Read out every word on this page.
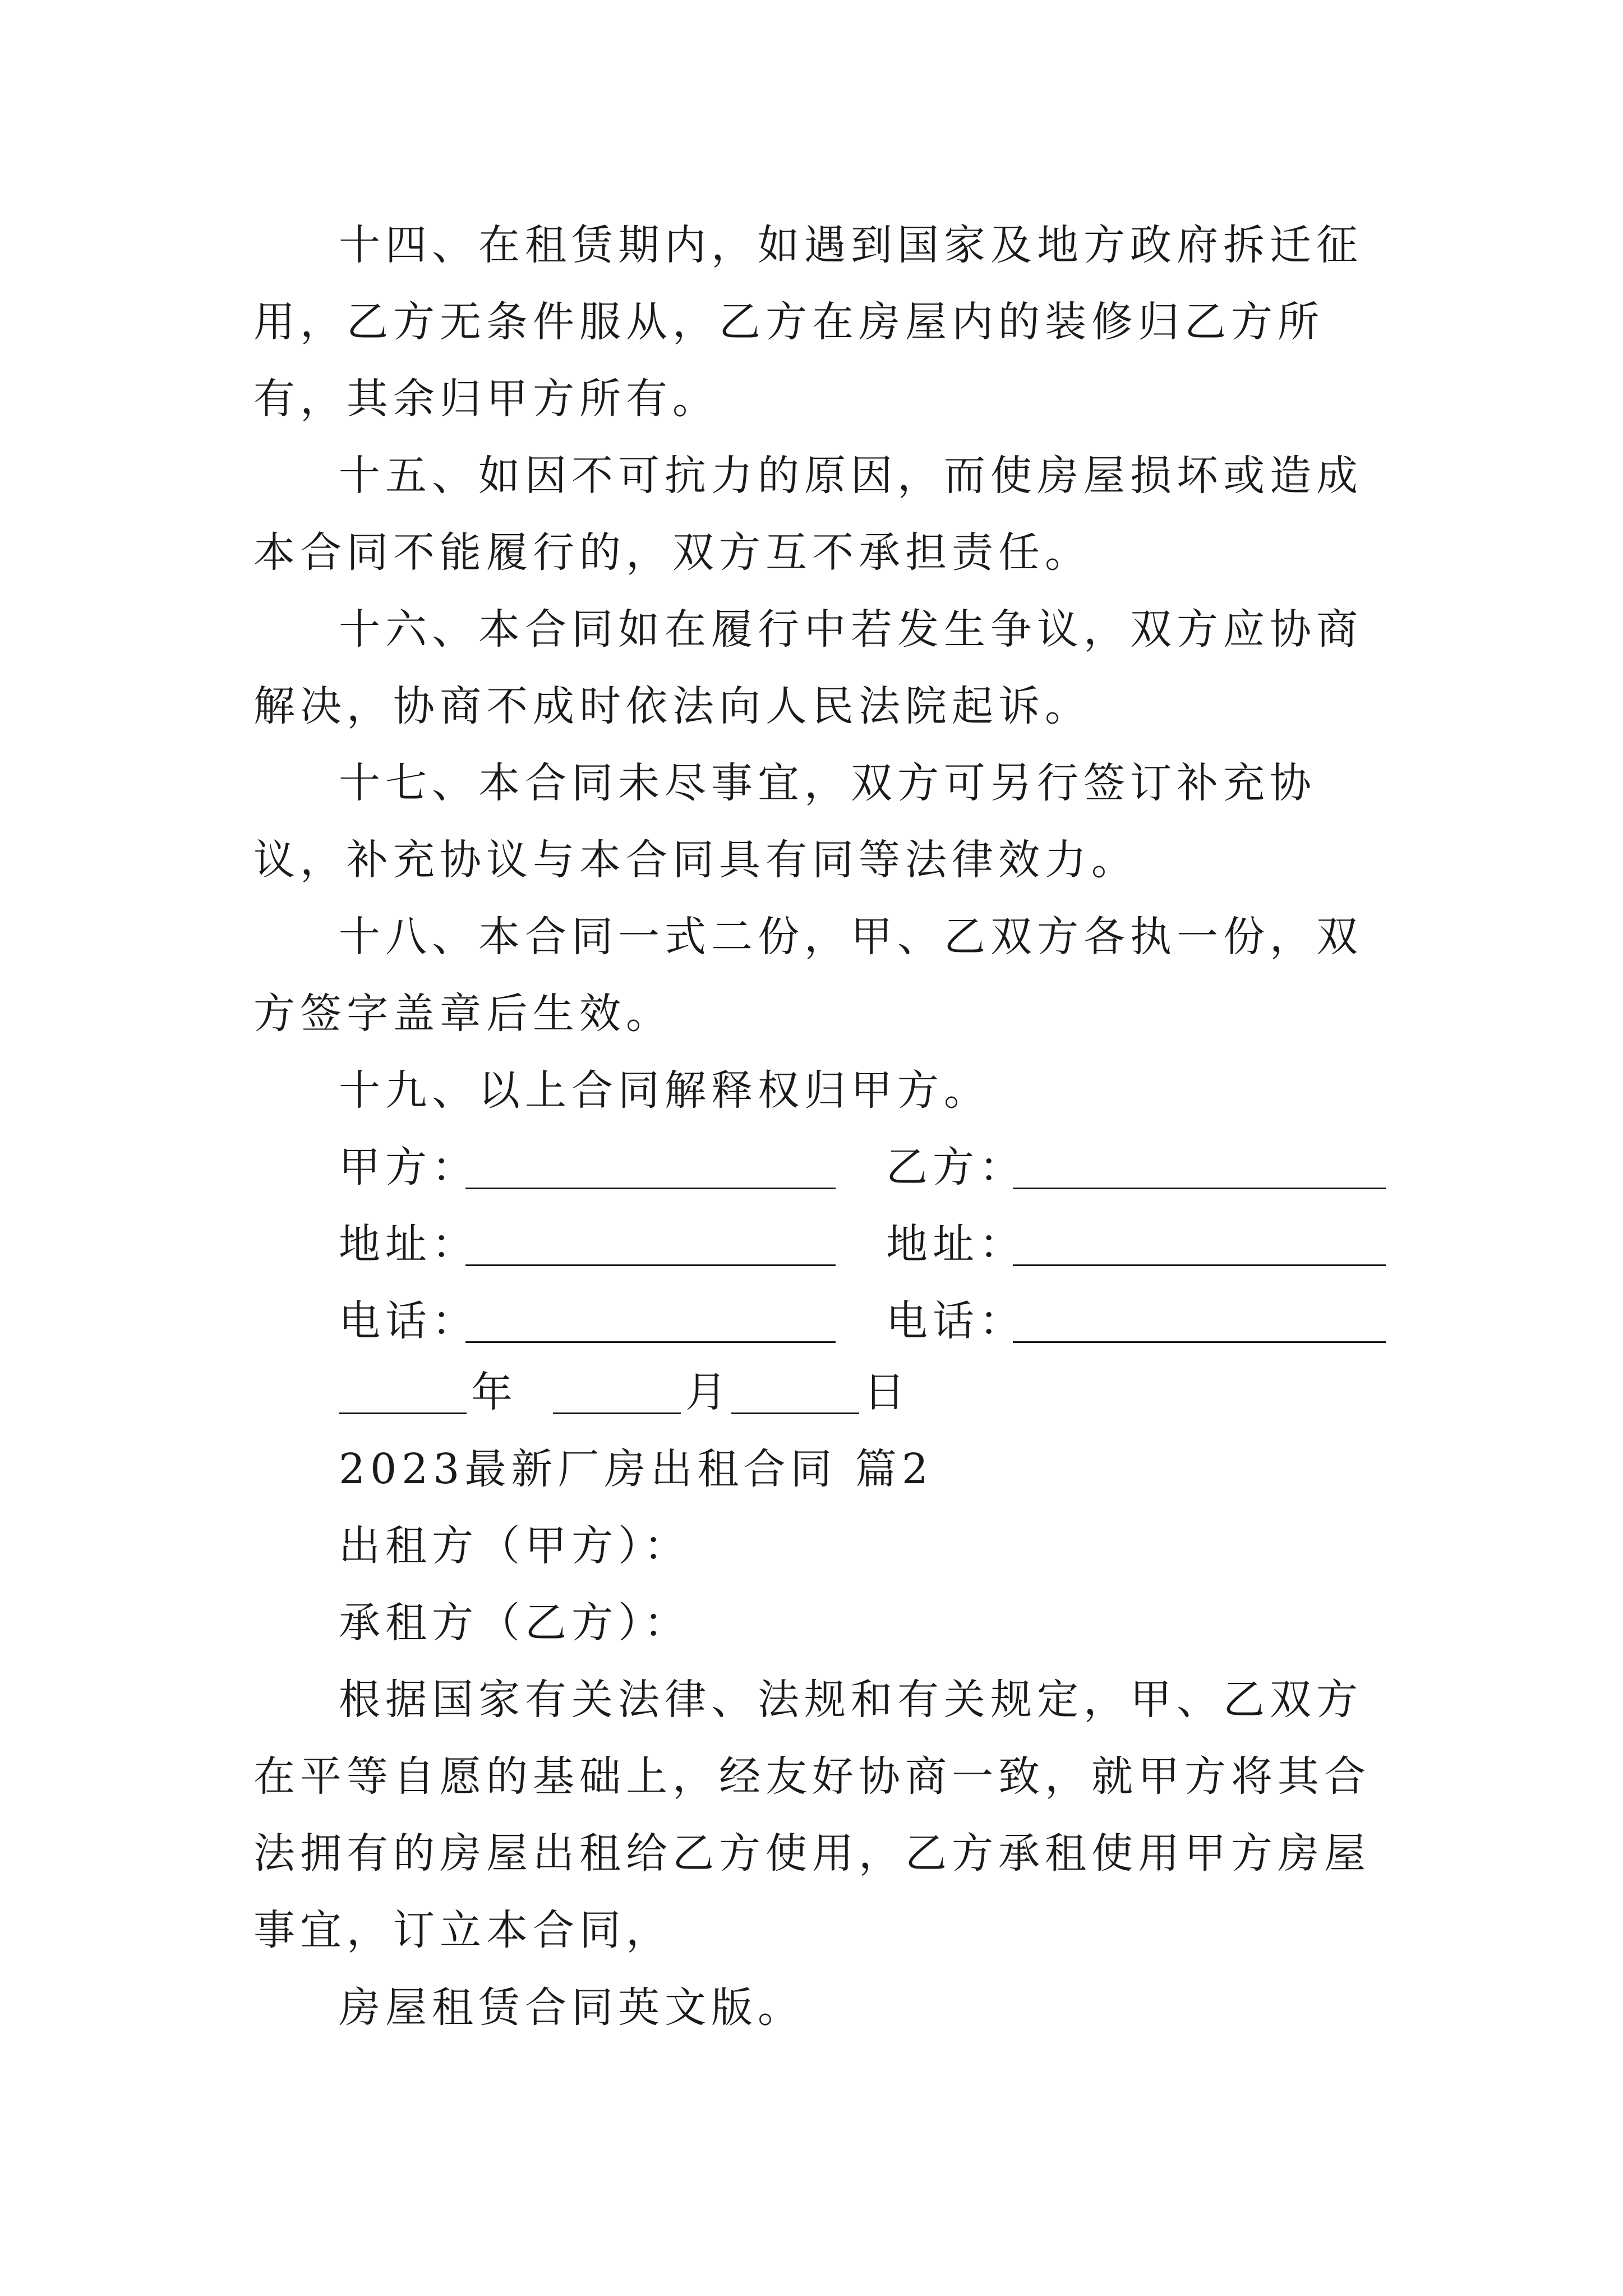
十四、在租赁期内，如遇到国家及地方政府拆迁征用，乙方无条件服从，乙方在房屋内的装修归乙方所有，其余归甲方所有。

十五、如因不可抗力的原因，而使房屋损坏或造成本合同不能履行的，双方互不承担责任。

十六、本合同如在履行中若发生争议，双方应协商解决，协商不成时依法向人民法院起诉。

十七、本合同未尽事宜，双方可另行签订补充协议，补充协议与本合同具有同等法律效力。

十八、本合同一式二份，甲、乙双方各执一份，双方签字盖章后生效。

十九、以上合同解释权归甲方。

甲方：	乙方：
地址：	地址：
电话：	电话：
年	月	日

2023最新厂房出租合同 篇2

出租方（甲方）：

承租方（乙方）：

根据国家有关法律、法规和有关规定，甲、乙双方在平等自愿的基础上，经友好协商一致，就甲方将其合法拥有的房屋出租给乙方使用，乙方承租使用甲方房屋事宜，订立本合同，

房屋租赁合同英文版。
